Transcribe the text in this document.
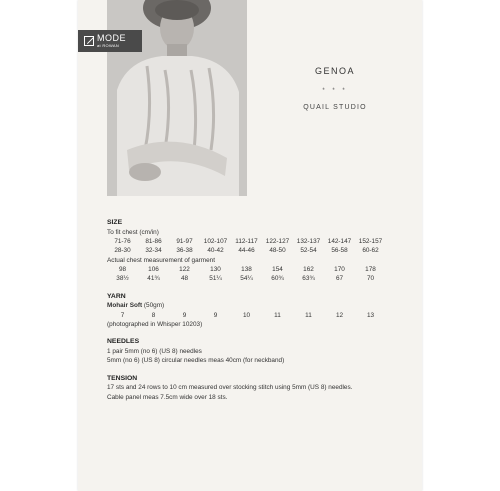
MODE
at ROWAN
GENOA
* * *
QUAIL STUDIO
SIZE
To fit chest (cm/in)
71-76	81-86	91-97	102-107	112-117	122-127	132-137	142-147	152-157
28-30	32-34	36-38	40-42	44-46	48-50	52-54	56-58	60-62
Actual chest measurement of garment
98	106	122	130	138	154	162	170	178
38½	41¾	48	51¼	54¼	60¾	63¾	67	70
YARN
Mohair Soft (50gm)
7	8	9	9	10	11	11	12	13
(photographed in Whisper 10203)
NEEDLES
1 pair 5mm (no 6) (US 8) needles
5mm (no 6) (US 8) circular needles meas 40cm (for neckband)
TENSION
17 sts and 24 rows to 10 cm measured over stocking stitch using 5mm (US 8) needles.
Cable panel meas 7.5cm wide over 18 sts.
